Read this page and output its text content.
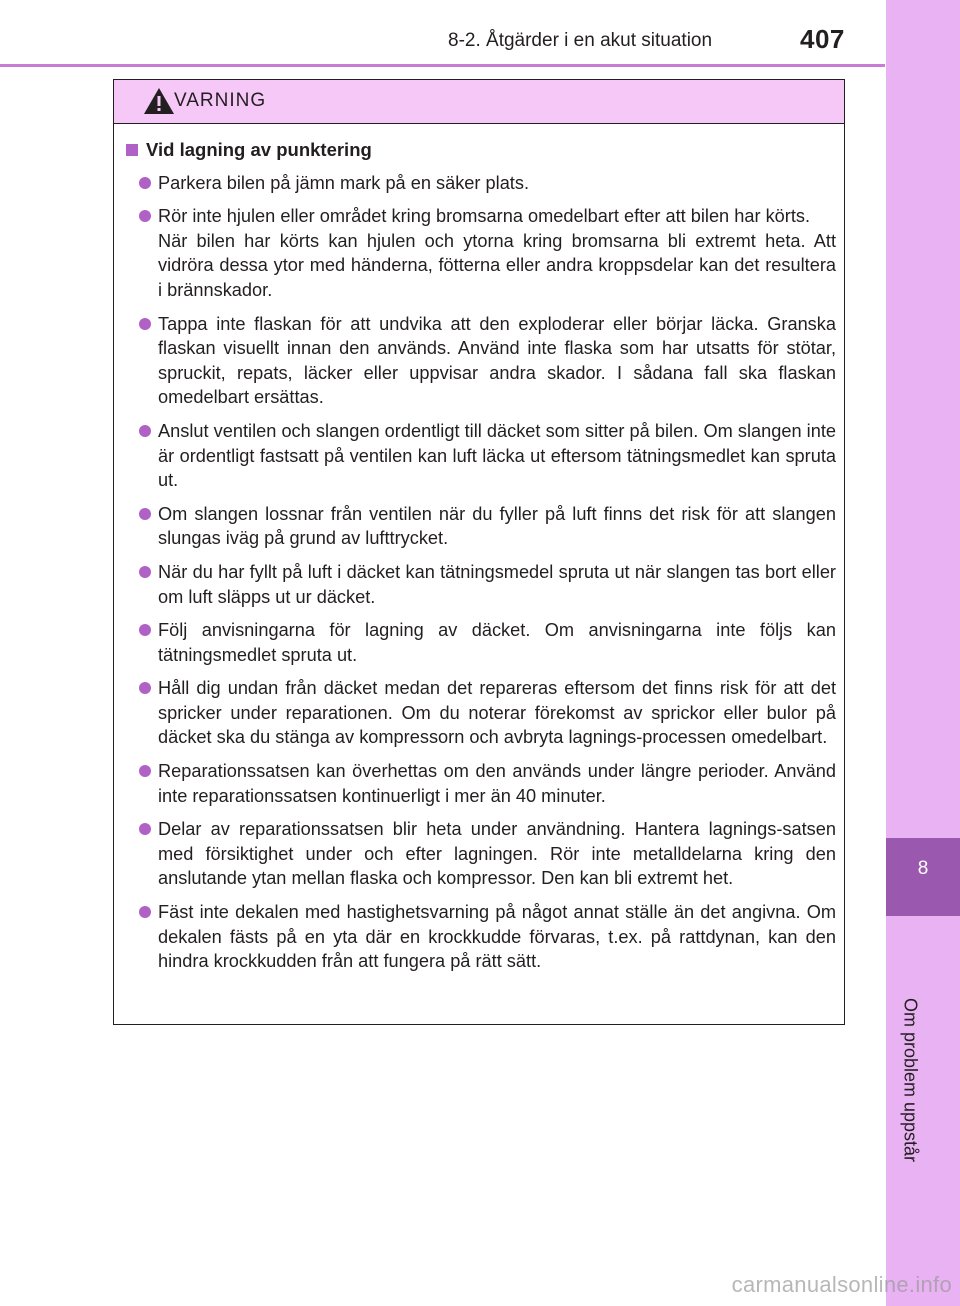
8-2. Åtgärder i en akut situation	407
8
Om problem uppstår
VARNING
Vid lagning av punktering

Parkera bilen på jämn mark på en säker plats.

Rör inte hjulen eller området kring bromsarna omedelbart efter att bilen har körts.

När bilen har körts kan hjulen och ytorna kring bromsarna bli extremt heta. Att vidröra dessa ytor med händerna, fötterna eller andra kroppsdelar kan det resultera i brännskador.

Tappa inte flaskan för att undvika att den exploderar eller börjar läcka. Granska flaskan visuellt innan den används. Använd inte flaska som har utsatts för stötar, spruckit, repats, läcker eller uppvisar andra skador. I sådana fall ska flaskan omedelbart ersättas.

Anslut ventilen och slangen ordentligt till däcket som sitter på bilen. Om slangen inte är ordentligt fastsatt på ventilen kan luft läcka ut eftersom tätningsmedlet kan spruta ut.

Om slangen lossnar från ventilen när du fyller på luft finns det risk för att slangen slungas iväg på grund av lufttrycket.

När du har fyllt på luft i däcket kan tätningsmedel spruta ut när slangen tas bort eller om luft släpps ut ur däcket.

Följ anvisningarna för lagning av däcket. Om anvisningarna inte följs kan tätningsmedlet spruta ut.

Håll dig undan från däcket medan det repareras eftersom det finns risk för att det spricker under reparationen. Om du noterar förekomst av sprickor eller bulor på däcket ska du stänga av kompressorn och avbryta lagnings-processen omedelbart.

Reparationssatsen kan överhettas om den används under längre perioder. Använd inte reparationssatsen kontinuerligt i mer än 40 minuter.

Delar av reparationssatsen blir heta under användning. Hantera lagnings-satsen med försiktighet under och efter lagningen. Rör inte metalldelarna kring den anslutande ytan mellan flaska och kompressor. Den kan bli extremt het.

Fäst inte dekalen med hastighetsvarning på något annat ställe än det angivna. Om dekalen fästs på en yta där en krockkudde förvaras, t.ex. på rattdynan, kan den hindra krockkudden från att fungera på rätt sätt.

carmanualsonline.info
